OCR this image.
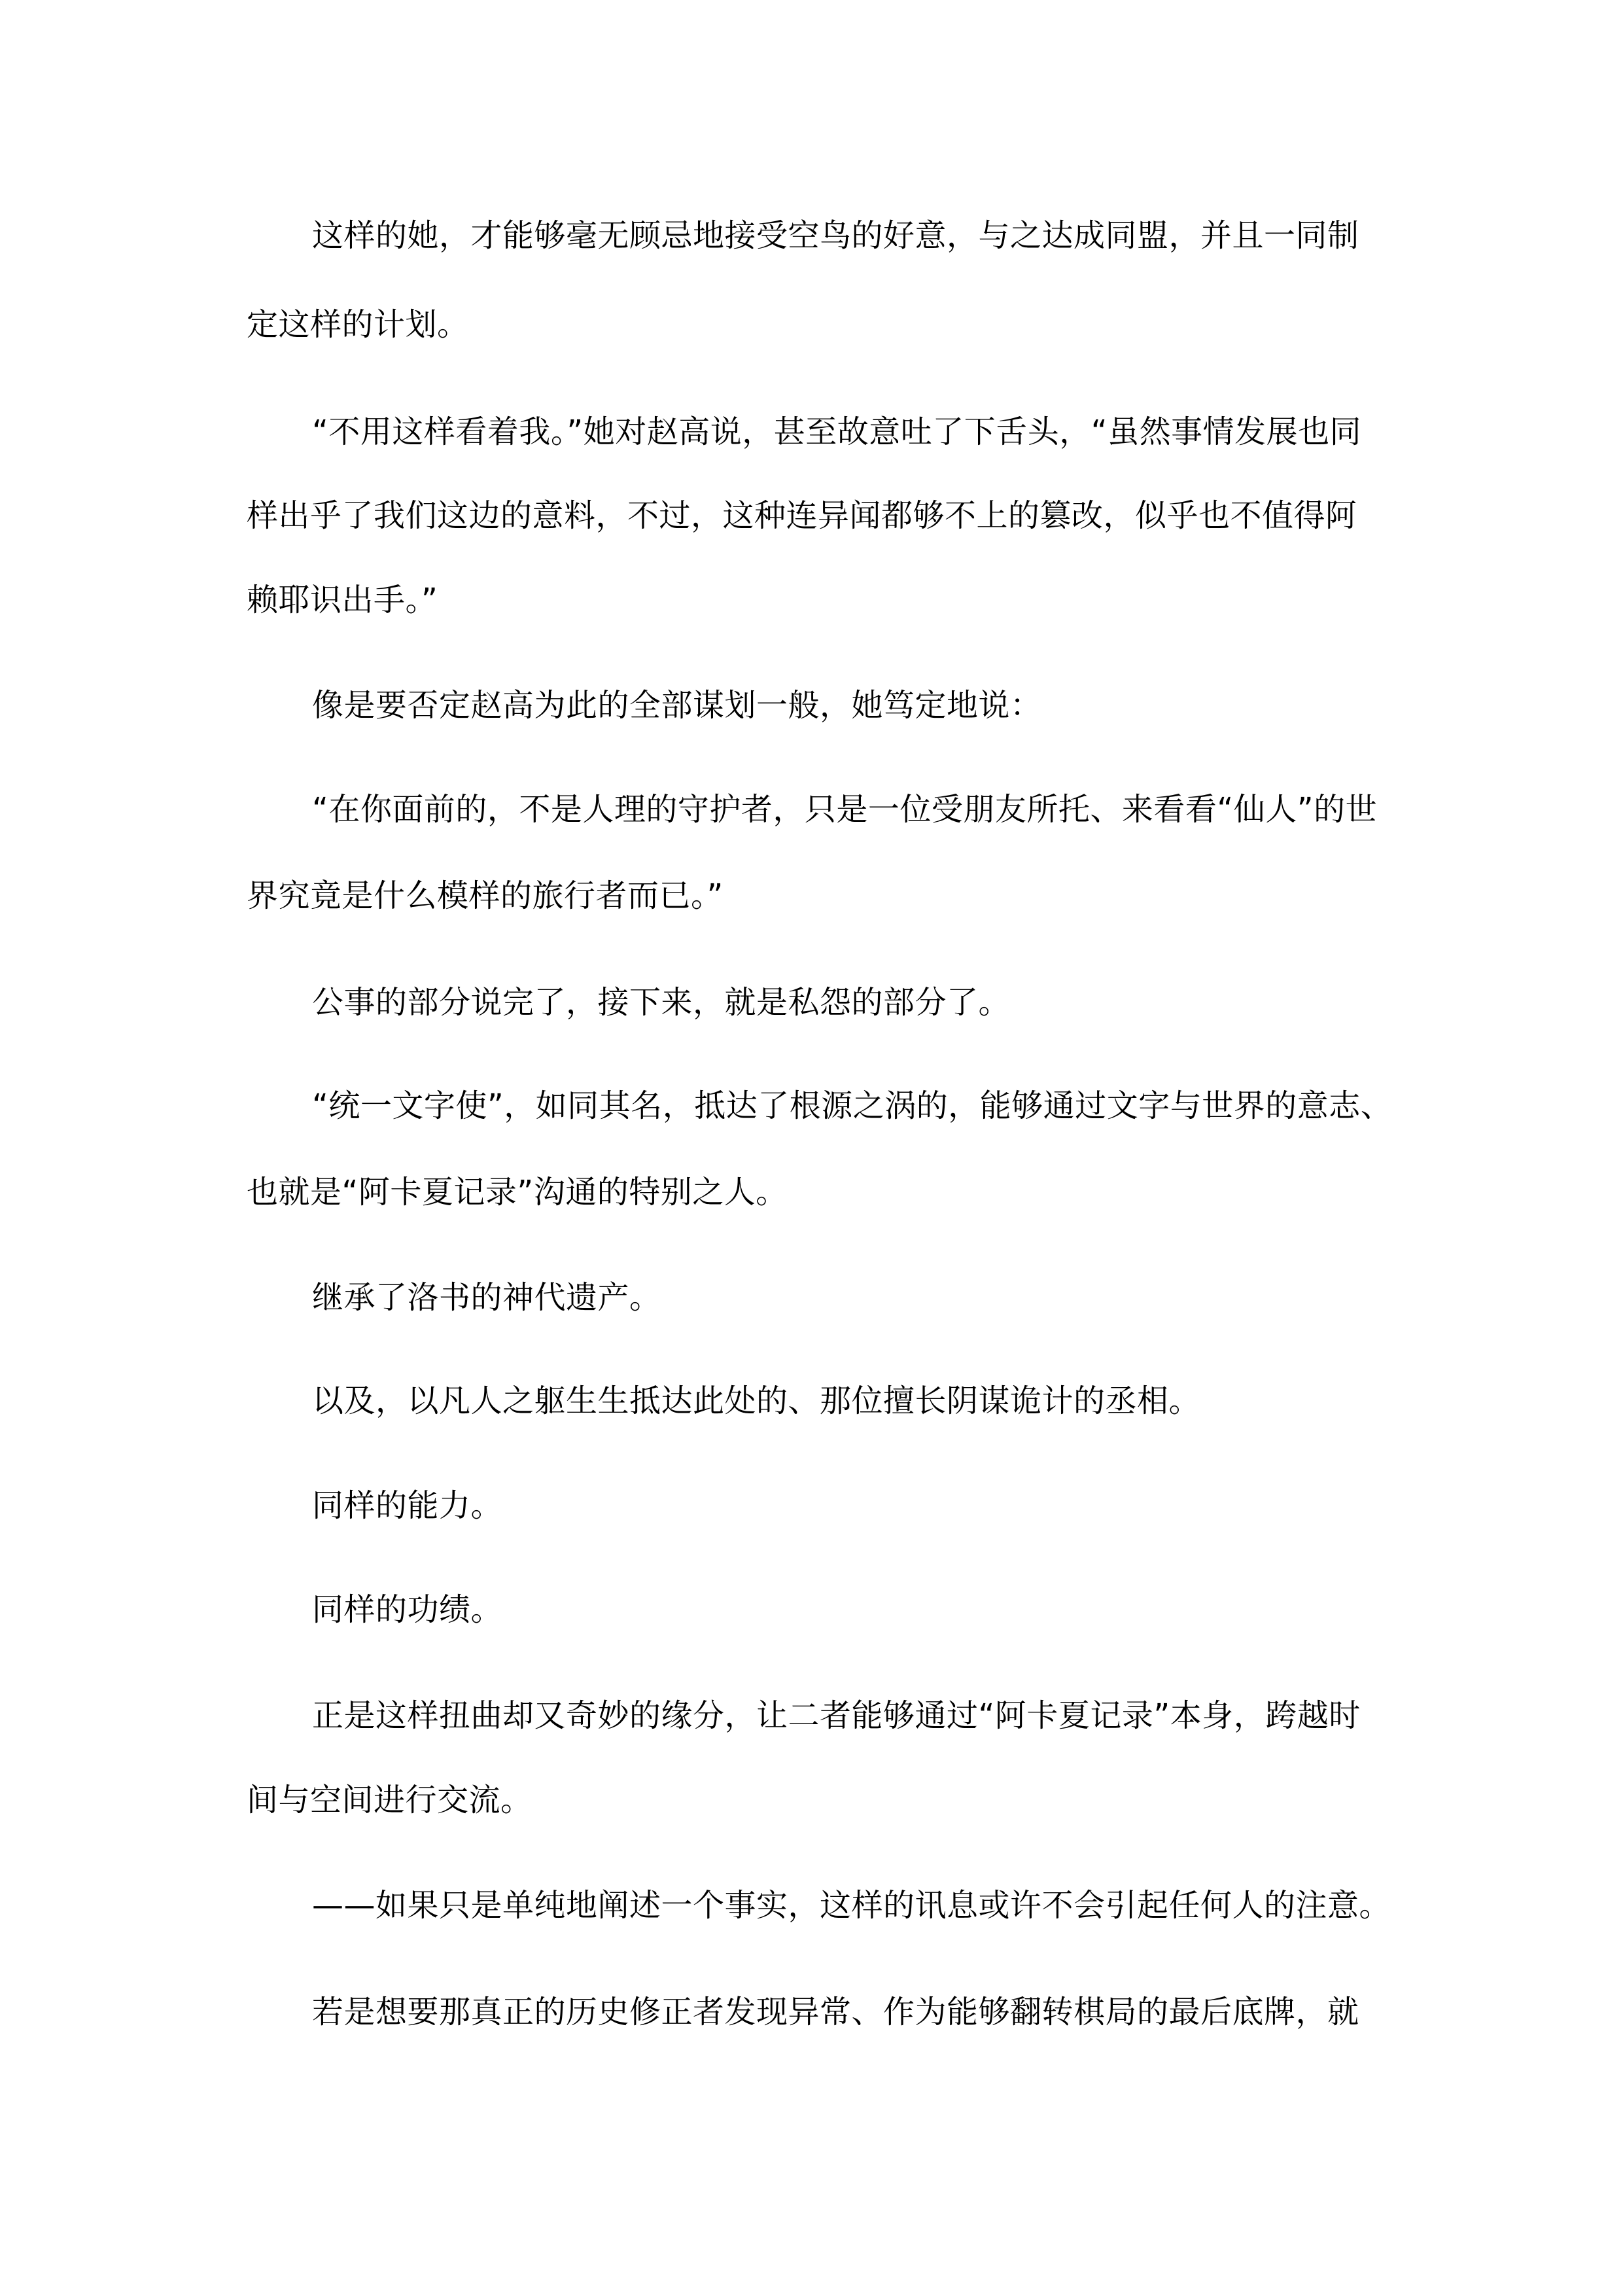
这样的她，才能够毫无顾忌地接受空鸟的好意，与之达成同盟，并且一同制

定这样的计划。

“不用这样看着我。”她对赵高说，甚至故意吐了下舌头，“虽然事情发展也同

样出乎了我们这边的意料，不过，这种连异闻都够不上的篡改，似乎也不值得阿

赖耶识出手。”

像是要否定赵高为此的全部谋划一般，她笃定地说：

“在你面前的，不是人理的守护者，只是一位受朋友所托、来看看“仙人”的世

界究竟是什么模样的旅行者而已。”

公事的部分说完了，接下来，就是私怨的部分了。

“统一文字使”，如同其名，抵达了根源之涡的，能够通过文字与世界的意志、

也就是“阿卡夏记录”沟通的特别之人。

继承了洛书的神代遗产。

以及，以凡人之躯生生抵达此处的、那位擅长阴谋诡计的丞相。

同样的能力。

同样的功绩。

正是这样扭曲却又奇妙的缘分，让二者能够通过“阿卡夏记录”本身，跨越时

间与空间进行交流。

——如果只是单纯地阐述一个事实，这样的讯息或许不会引起任何人的注意。

若是想要那真正的历史修正者发现异常、作为能够翻转棋局的最后底牌，就
